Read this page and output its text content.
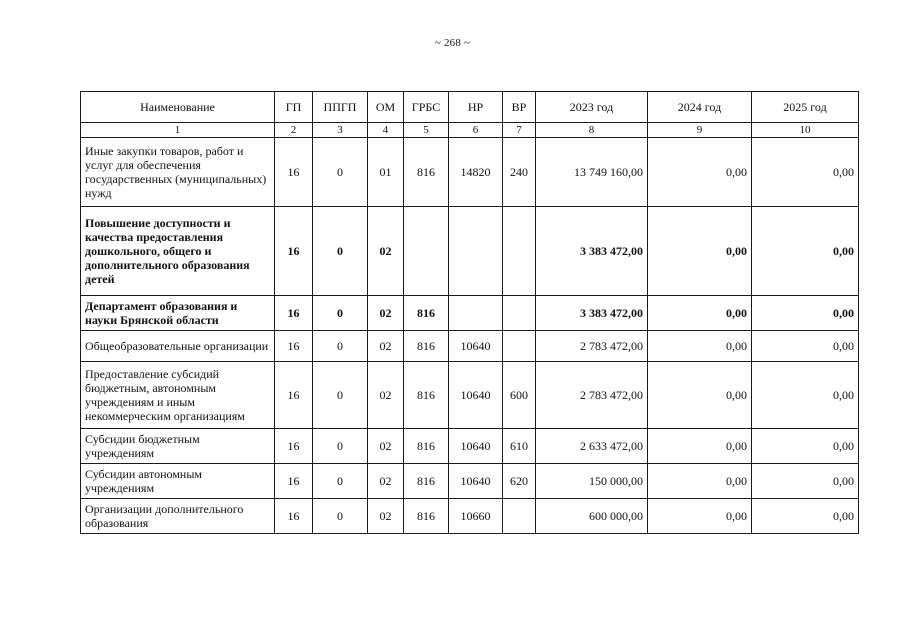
~ 268 ~
Наименование	ГП	ППГП	ОМ	ГРБС	НР	ВР	2023 год	2024 год	2025 год
1	2	3	4	5	6	7	8	9	10
Иные закупки товаров, работ и услуг для обеспечения государственных (муниципальных) нужд	16	0	01	816	14820	240	13 749 160,00	0,00	0,00
Повышение доступности и качества предоставления дошкольного, общего и дополнительного образования детей	16	0	02				3 383 472,00	0,00	0,00
Департамент образования и науки Брянской области	16	0	02	816			3 383 472,00	0,00	0,00
Общеобразовательные организации	16	0	02	816	10640		2 783 472,00	0,00	0,00
Предоставление субсидий бюджетным, автономным учреждениям и иным некоммерческим организациям	16	0	02	816	10640	600	2 783 472,00	0,00	0,00
Субсидии бюджетным учреждениям	16	0	02	816	10640	610	2 633 472,00	0,00	0,00
Субсидии автономным учреждениям	16	0	02	816	10640	620	150 000,00	0,00	0,00
Организации дополнительного образования	16	0	02	816	10660		600 000,00	0,00	0,00
